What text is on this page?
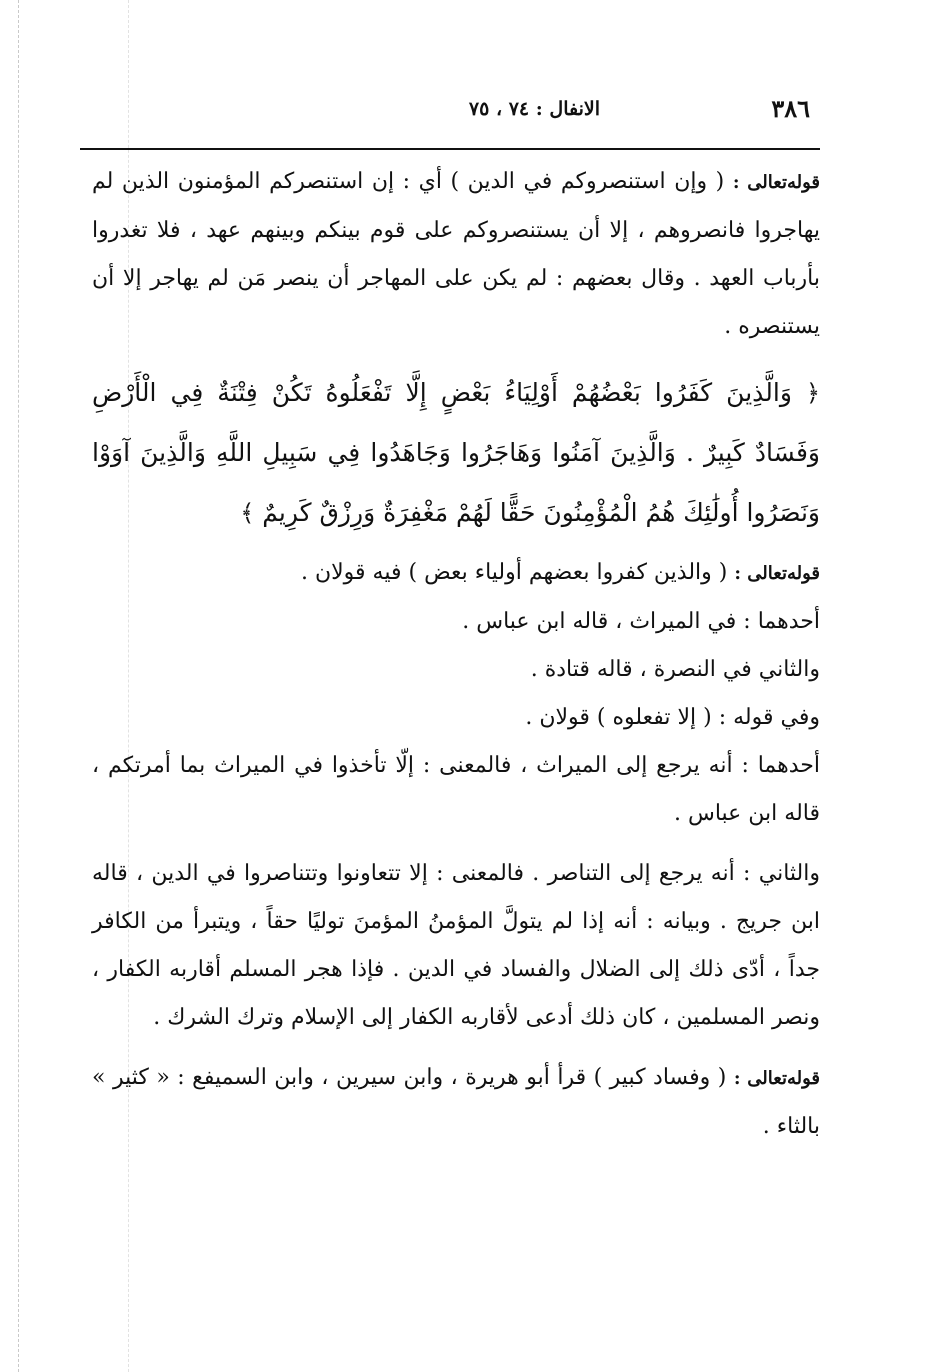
٣٨٦
الانفال : ٧٤ ، ٧٥

قوله‌تعالى : ( وإن استنصروكم في الدين ) أي : إن استنصركم المؤمنون الذين لم يهاجروا فانصروهم ، إلا أن يستنصروكم على قوم بينكم وبينهم عهد ، فلا تغدروا بأرباب العهد . وقال بعضهم : لم يكن على المهاجر أن ينصر مَن لم يهاجر إلا أن يستنصره .

﴿ وَالَّذِينَ كَفَرُوا بَعْضُهُمْ أَوْلِيَاءُ بَعْضٍ إِلَّا تَفْعَلُوهُ تَكُنْ فِتْنَةٌ فِي الْأَرْضِ وَفَسَادٌ كَبِيرٌ . وَالَّذِينَ آمَنُوا وَهَاجَرُوا وَجَاهَدُوا فِي سَبِيلِ اللَّهِ وَالَّذِينَ آوَوْا وَنَصَرُوا أُولَٰئِكَ هُمُ الْمُؤْمِنُونَ حَقًّا لَهُمْ مَغْفِرَةٌ وَرِزْقٌ كَرِيمٌ ﴾

قوله‌تعالى : ( والذين كفروا بعضهم أولياء بعض ) فيه قولان .

أحدهما : في الميراث ، قاله ابن عباس .

والثاني في النصرة ، قاله قتادة .

وفي قوله : ( إلا تفعلوه ) قولان .

أحدهما : أنه يرجع إلى الميراث ، فالمعنى : إلّا تأخذوا في الميراث بما أمرتكم ، قاله ابن عباس .

والثاني : أنه يرجع إلى التناصر . فالمعنى : إلا تتعاونوا وتتناصروا في الدين ، قاله ابن جريج . وبيانه : أنه إذا لم يتولَّ المؤمنُ المؤمنَ توليًا حقاً ، ويتبرأ من الكافر جداً ، أدّى ذلك إلى الضلال والفساد في الدين . فإذا هجر المسلم أقاربه الكفار ، ونصر المسلمين ، كان ذلك أدعى لأقاربه الكفار إلى الإسلام وترك الشرك .

قوله‌تعالى : ( وفساد كبير ) قرأ أبو هريرة ، وابن سيرين ، وابن السميفع : « كثير » بالثاء .
